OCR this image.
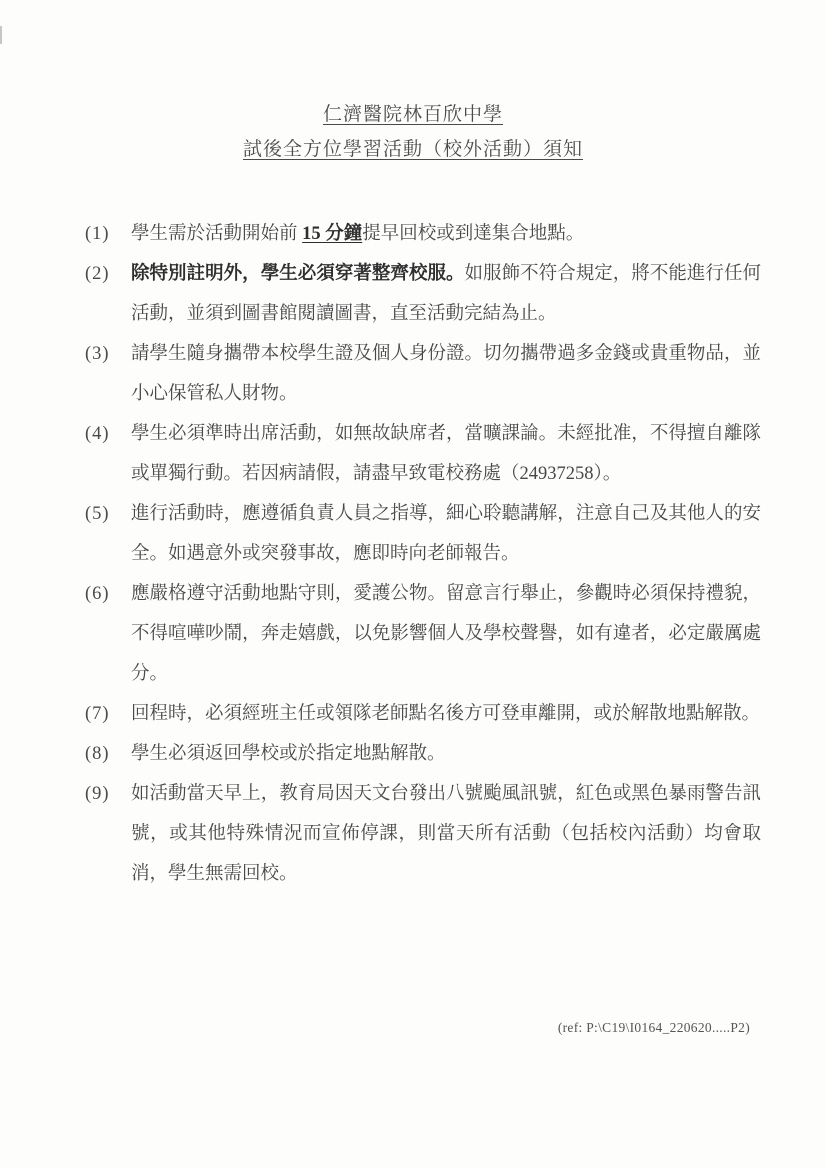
仁濟醫院林百欣中學
試後全方位學習活動（校外活動）須知
(1)	學生需於活動開始前 15 分鐘提早回校或到達集合地點。
(2)	除特別註明外，學生必須穿著整齊校服。如服飾不符合規定，將不能進行任何活動，並須到圖書館閱讀圖書，直至活動完結為止。
(3)	請學生隨身攜帶本校學生證及個人身份證。切勿攜帶過多金錢或貴重物品，並小心保管私人財物。
(4)	學生必須準時出席活動，如無故缺席者，當曠課論。未經批准，不得擅自離隊或單獨行動。若因病請假，請盡早致電校務處（24937258）。
(5)	進行活動時，應遵循負責人員之指導，細心聆聽講解，注意自己及其他人的安全。如遇意外或突發事故，應即時向老師報告。
(6)	應嚴格遵守活動地點守則，愛護公物。留意言行舉止，參觀時必須保持禮貌，不得喧嘩吵鬧，奔走嬉戲，以免影響個人及學校聲譽，如有違者，必定嚴厲處分。
(7)	回程時，必須經班主任或領隊老師點名後方可登車離開，或於解散地點解散。
(8)	學生必須返回學校或於指定地點解散。
(9)	如活動當天早上，教育局因天文台發出八號颱風訊號，紅色或黑色暴雨警告訊號，或其他特殊情況而宣佈停課，則當天所有活動（包括校內活動）均會取消，學生無需回校。
(ref: P:\C19\I0164_220620.....P2)
